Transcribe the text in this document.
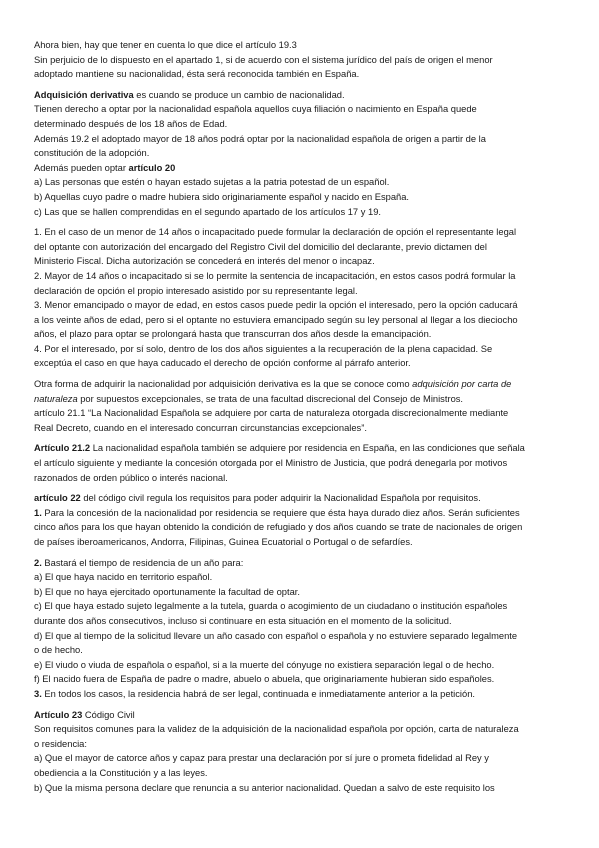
Ahora bien, hay que tener en cuenta lo que dice el artículo 19.3
Sin perjuicio de lo dispuesto en el apartado 1, si de acuerdo con el sistema jurídico del país de origen el menor
adoptado mantiene su nacionalidad, ésta será reconocida también en España.
Adquisición derivativa es cuando se produce un cambio de nacionalidad.
Tienen derecho a optar por la nacionalidad española aquellos cuya filiación o nacimiento en España quede
determinado después de los 18 años de Edad.
Además 19.2 el adoptado mayor de 18 años podrá optar por la nacionalidad española de origen a partir de la
constitución de la adopción.
Además pueden optar artículo 20
a) Las personas que estén o hayan estado sujetas a la patria potestad de un español.
b) Aquellas cuyo padre o madre hubiera sido originariamente español y nacido en España.
c) Las que se hallen comprendidas en el segundo apartado de los artículos 17 y 19.
1. En el caso de un menor de 14 años o incapacitado puede formular la declaración de opción el representante legal
del optante con autorización del encargado del Registro Civil del domicilio del declarante, previo dictamen del
Ministerio Fiscal. Dicha autorización se concederá en interés del menor o incapaz.
2. Mayor de 14 años o incapacitado si se lo permite la sentencia de incapacitación, en estos casos podrá formular la
declaración de opción el propio interesado asistido por su representante legal.
3. Menor emancipado o mayor de edad, en estos casos puede pedir la opción el interesado, pero la opción caducará
a los veinte años de edad, pero si el optante no estuviera emancipado según su ley personal al llegar a los dieciocho
años, el plazo para optar se prolongará hasta que transcurran dos años desde la emancipación.
4. Por el interesado, por sí solo, dentro de los dos años siguientes a la recuperación de la plena capacidad. Se
exceptúa el caso en que haya caducado el derecho de opción conforme al párrafo anterior.
Otra forma de adquirir la nacionalidad por adquisición derivativa es la que se conoce como adquisición por carta de
naturaleza por supuestos excepcionales, se trata de una facultad discrecional del Consejo de Ministros.
artículo 21.1 “La Nacionalidad Española se adquiere por carta de naturaleza otorgada discrecionalmente mediante
Real Decreto, cuando en el interesado concurran circunstancias excepcionales”.
Artículo 21.2 La nacionalidad española también se adquiere por residencia en España, en las condiciones que señala
el artículo siguiente y mediante la concesión otorgada por el Ministro de Justicia, que podrá denegarla por motivos
razonados de orden público o interés nacional.
artículo 22 del código civil regula los requisitos para poder adquirir la Nacionalidad Española por requisitos.
1. Para la concesión de la nacionalidad por residencia se requiere que ésta haya durado diez años. Serán suficientes
cinco años para los que hayan obtenido la condición de refugiado y dos años cuando se trate de nacionales de origen
de países iberoamericanos, Andorra, Filipinas, Guinea Ecuatorial o Portugal o de sefardíes.
2. Bastará el tiempo de residencia de un año para:
a) El que haya nacido en territorio español.
b) El que no haya ejercitado oportunamente la facultad de optar.
c) El que haya estado sujeto legalmente a la tutela, guarda o acogimiento de un ciudadano o institución españoles
durante dos años consecutivos, incluso si continuare en esta situación en el momento de la solicitud.
d) El que al tiempo de la solicitud llevare un año casado con español o española y no estuviere separado legalmente
o de hecho.
e) El viudo o viuda de española o español, si a la muerte del cónyuge no existiera separación legal o de hecho.
f) El nacido fuera de España de padre o madre, abuelo o abuela, que originariamente hubieran sido españoles.
3. En todos los casos, la residencia habrá de ser legal, continuada e inmediatamente anterior a la petición.
Artículo 23 Código Civil
Son requisitos comunes para la validez de la adquisición de la nacionalidad española por opción, carta de naturaleza
o residencia:
a) Que el mayor de catorce años y capaz para prestar una declaración por sí jure o prometa fidelidad al Rey y
obediencia a la Constitución y a las leyes.
b) Que la misma persona declare que renuncia a su anterior nacionalidad. Quedan a salvo de este requisito los
